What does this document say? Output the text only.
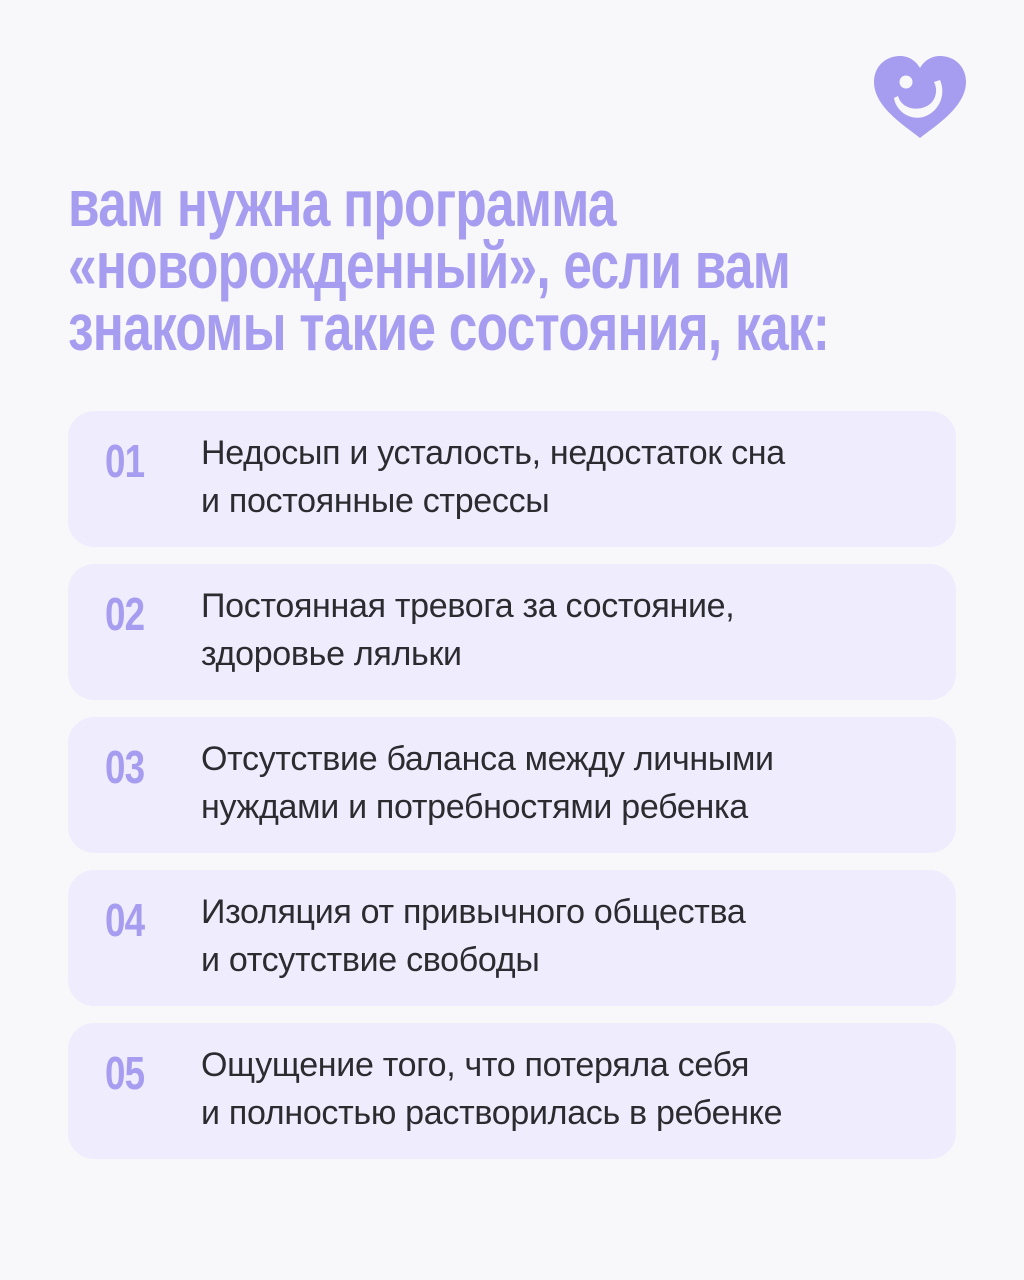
вам нужна программа
«новорожденный», если вам
знакомы такие состояния, как:
01 Недосып и усталость, недостаток сна
и постоянные стрессы
02 Постоянная тревога за состояние,
здоровье ляльки
03 Отсутствие баланса между личными
нуждами и потребностями ребенка
04 Изоляция от привычного общества
и отсутствие свободы
05 Ощущение того, что потеряла себя
и полностью растворилась в ребенке
